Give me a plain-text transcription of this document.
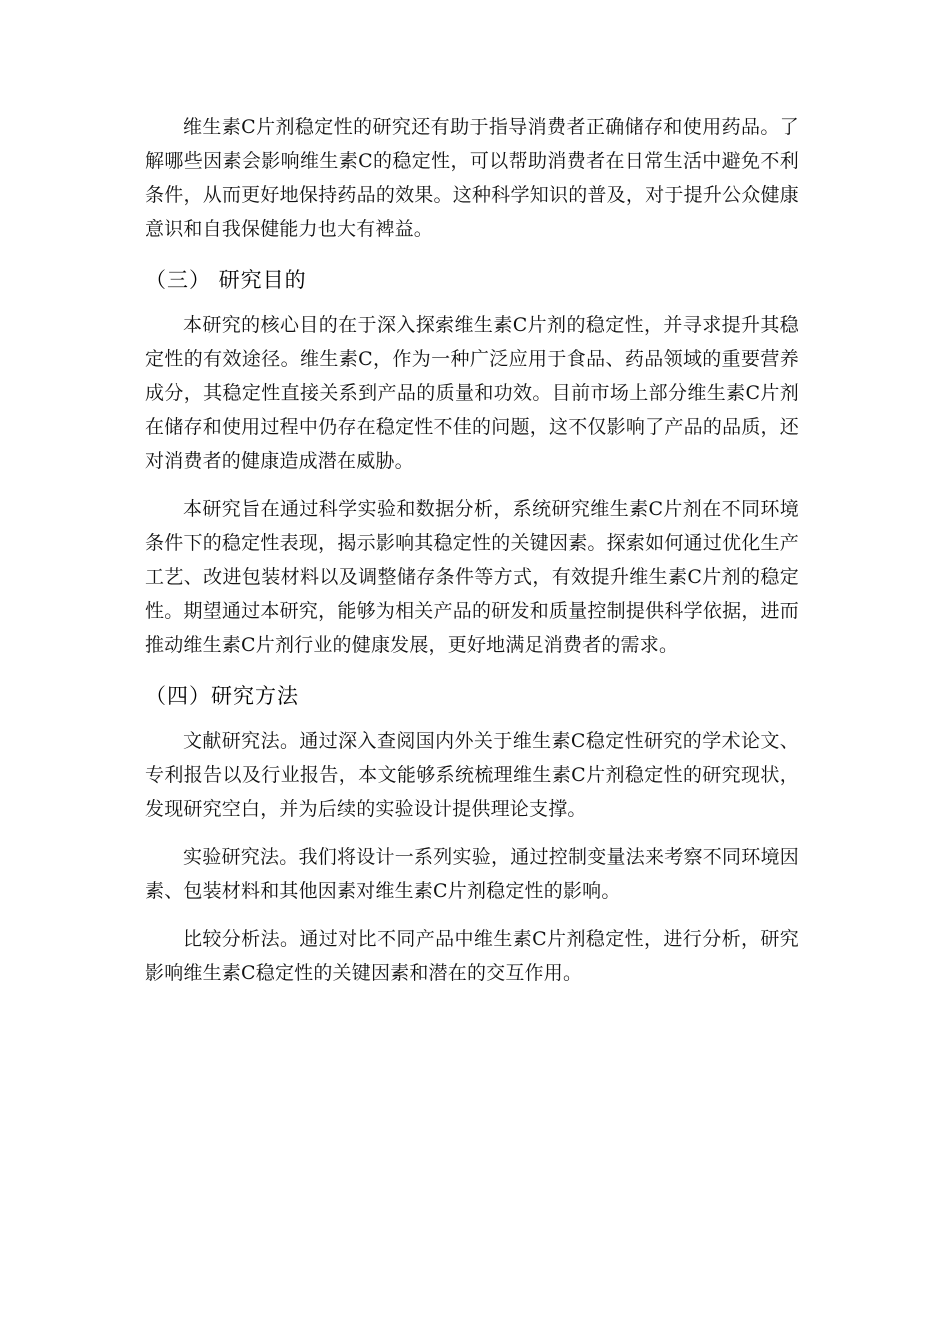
维生素C片剂稳定性的研究还有助于指导消费者正确储存和使用药品。了解哪些因素会影响维生素C的稳定性，可以帮助消费者在日常生活中避免不利条件，从而更好地保持药品的效果。这种科学知识的普及，对于提升公众健康意识和自我保健能力也大有裨益。

（三） 研究目的

本研究的核心目的在于深入探索维生素C片剂的稳定性，并寻求提升其稳定性的有效途径。维生素C，作为一种广泛应用于食品、药品领域的重要营养成分，其稳定性直接关系到产品的质量和功效。目前市场上部分维生素C片剂在储存和使用过程中仍存在稳定性不佳的问题，这不仅影响了产品的品质，还对消费者的健康造成潜在威胁。

本研究旨在通过科学实验和数据分析，系统研究维生素C片剂在不同环境条件下的稳定性表现，揭示影响其稳定性的关键因素。探索如何通过优化生产工艺、改进包装材料以及调整储存条件等方式，有效提升维生素C片剂的稳定性。期望通过本研究，能够为相关产品的研发和质量控制提供科学依据，进而推动维生素C片剂行业的健康发展，更好地满足消费者的需求。

（四）研究方法

文献研究法。通过深入查阅国内外关于维生素C稳定性研究的学术论文、专利报告以及行业报告，本文能够系统梳理维生素C片剂稳定性的研究现状，发现研究空白，并为后续的实验设计提供理论支撑。

实验研究法。我们将设计一系列实验，通过控制变量法来考察不同环境因素、包装材料和其他因素对维生素C片剂稳定性的影响。

比较分析法。通过对比不同产品中维生素C片剂稳定性，进行分析，研究影响维生素C稳定性的关键因素和潜在的交互作用。
